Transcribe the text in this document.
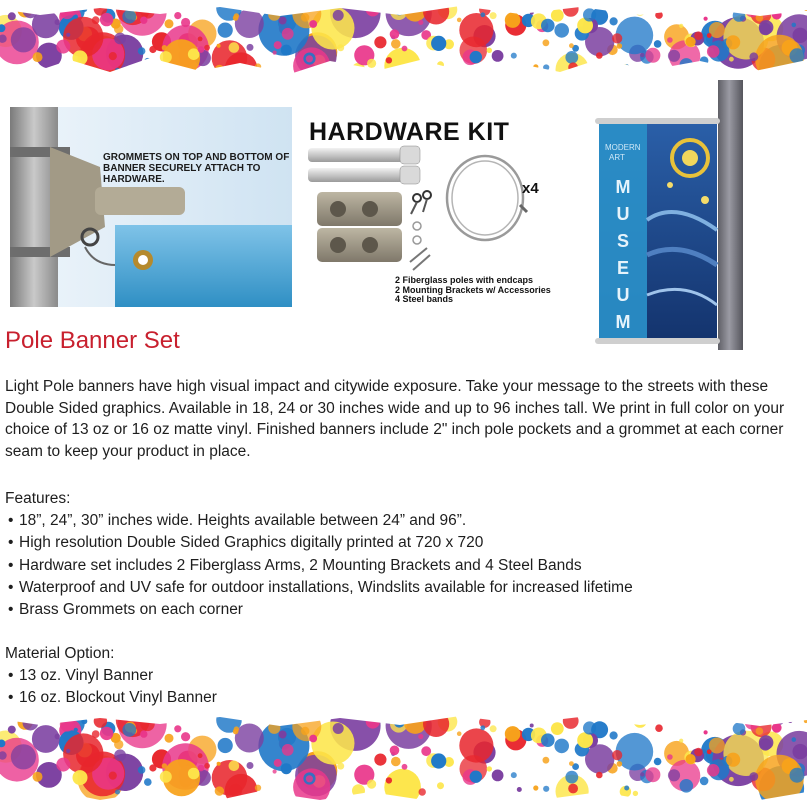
GROMMETS ON TOP AND BOTTOM OF BANNER SECURELY ATTACH TO HARDWARE.
HARDWARE KIT
x4
2 Fiberglass poles with endcaps
2 Mounting Brackets w/ Accessories
4 Steel bands
MODERN
ART
M
U
S
E
U
M
Pole Banner Set
Light Pole banners have high visual impact and citywide exposure. Take your message to the streets with these Double Sided graphics. Available in 18, 24 or 30 inches wide and up to 96 inches tall. We print in full color on your choice of 13 oz or 16 oz matte vinyl. Finished banners include 2" inch pole pockets and a grommet at each corner seam to keep your product in place.
Features:
• 18”, 24”, 30” inches wide. Heights available between 24” and 96”.
• High resolution Double Sided Graphics digitally printed at 720 x 720
• Hardware set includes 2 Fiberglass Arms, 2 Mounting Brackets and 4 Steel Bands
• Waterproof and UV safe for outdoor installations, Windslits available for increased lifetime
• Brass Grommets on each corner
Material Option:
• 13 oz. Vinyl Banner
• 16 oz. Blockout Vinyl Banner
